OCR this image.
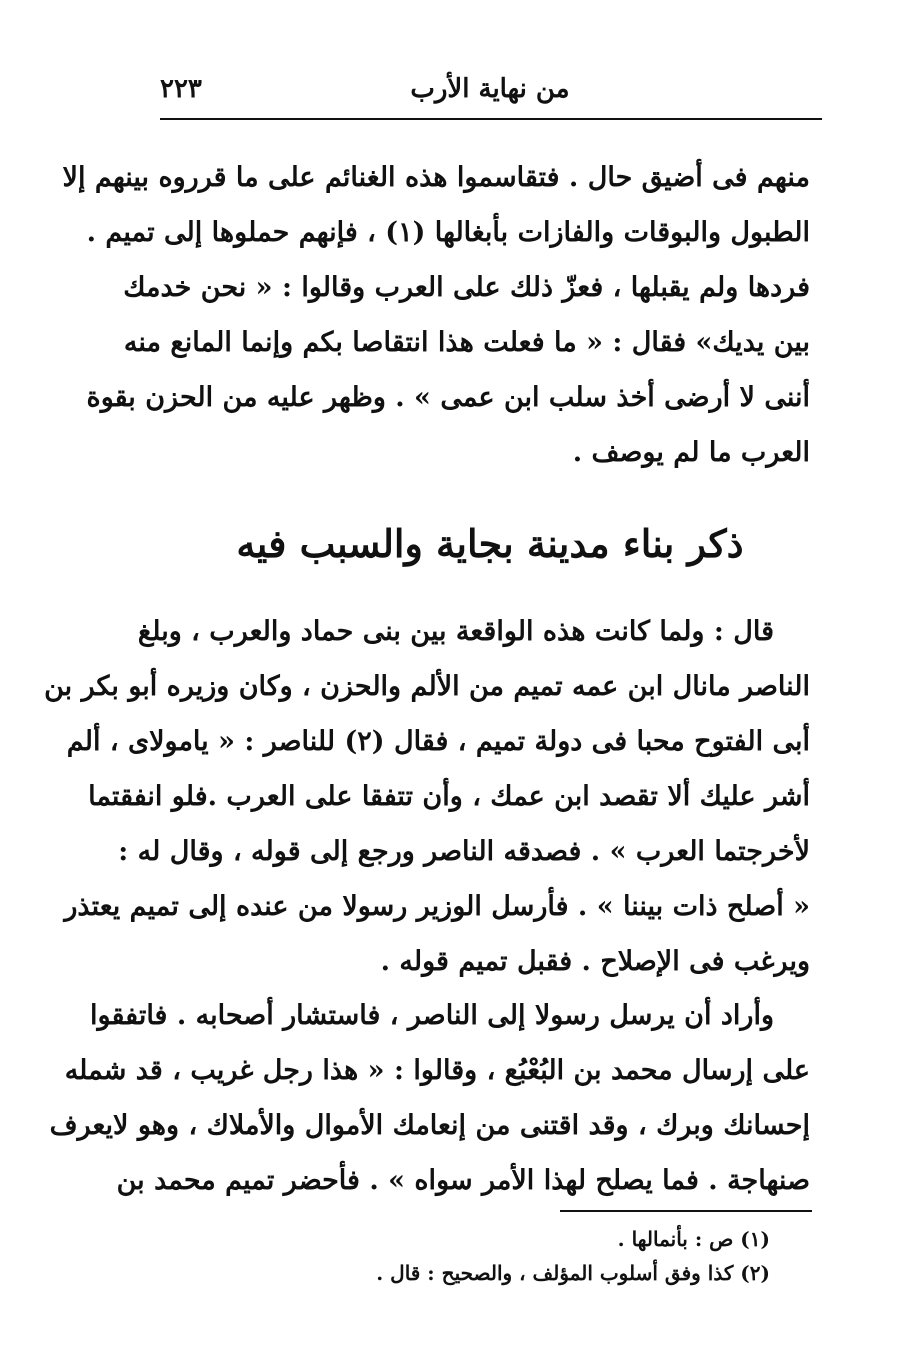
من نهاية الأرب
٢٢٣
منهم فى أضيق حال . فتقاسموا هذه الغنائم على ما قرروه بينهم إلا
الطبول والبوقات والفازات بأبغالها (١) ، فإنهم حملوها إلى تميم .
فردها ولم يقبلها ، فعزّ ذلك على العرب وقالوا : « نحن خدمك
بين يديك» فقال : « ما فعلت هذا انتقاصا بكم وإنما المانع منه
أننى لا أرضى أخذ سلب ابن عمى » . وظهر عليه من الحزن بقوة
العرب ما لم يوصف .
ذكر بناء مدينة بجاية والسبب فيه
قال : ولما كانت هذه الواقعة بين بنى حماد والعرب ، وبلغ
الناصر مانال ابن عمه تميم من الألم والحزن ، وكان وزيره أبو بكر بن
أبى الفتوح محبا فى دولة تميم ، فقال (٢) للناصر : « يامولاى ، ألم
أشر عليك ألا تقصد ابن عمك ، وأن تتفقا على العرب .فلو انفقتما
لأخرجتما العرب » . فصدقه الناصر ورجع إلى قوله ، وقال له :
« أصلح ذات بيننا » . فأرسل الوزير رسولا من عنده إلى تميم يعتذر
ويرغب فى الإصلاح . فقبل تميم قوله .
وأراد أن يرسل رسولا إلى الناصر ، فاستشار أصحابه . فاتفقوا
على إرسال محمد بن البُعْبُع ، وقالوا : « هذا رجل غريب ، قد شمله
إحسانك وبرك ، وقد اقتنى من إنعامك الأموال والأملاك ، وهو لايعرف
صنهاجة . فما يصلح لهذا الأمر سواه » . فأحضر تميم محمد بن
(١) ص : بأنمالها .
(٢) كذا وفق أسلوب المؤلف ، والصحيح : قال .
